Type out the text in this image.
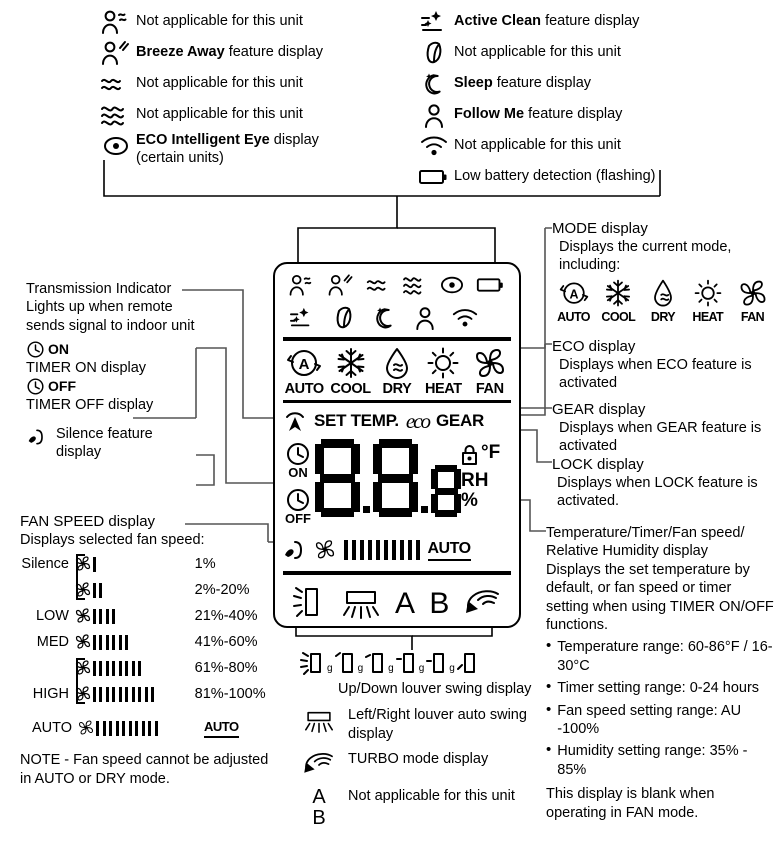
Not applicable for this unit
Breeze Away feature display
Not applicable for this unit
Not applicable for this unit
ECO Intelligent Eye display
(certain units)
Active Clean feature display
Not applicable for this unit
Sleep feature display
Follow Me feature display
Not applicable for this unit
Low battery detection (flashing)
A
AUTO COOL DRY HEAT FAN
SET TEMP. eco GEAR
ON
OFF
°F
RH
%
AUTO
A B
Transmission Indicator
Lights up when remote sends signal to indoor unit
ON
TIMER ON display
OFF
TIMER OFF display
Silence feature display
FAN SPEED display
Displays selected fan speed:
Silence	1%
2%-20%
LOW	21%-40%
MED	41%-60%
61%-80%
HIGH	81%-100%
AUTO	AUTO
NOTE - Fan speed cannot be adjusted in AUTO or DRY mode.
MODE display
Displays the current mode, including:
A
AUTO COOL	DRY	HEAT	FAN
ECO display
Displays when ECO feature is activated
GEAR display
Displays when GEAR feature is activated
LOCK display
Displays when LOCK feature is activated.
Temperature/Timer/Fan speed/ Relative Humidity display
Displays the set temperature by default, or fan speed or timer setting when using TIMER ON/OFF functions.
• Temperature range: 60-86°F / 16-30°C
• Timer setting range: 0-24 hours
• Fan speed setting range: AU -100%
• Humidity setting range: 35% - 85%
This display is blank when operating in FAN mode.
g	g	g	g	g
Up/Down louver swing display
Left/Right louver auto swing display
TURBO mode display
A
B
Not applicable for this unit
